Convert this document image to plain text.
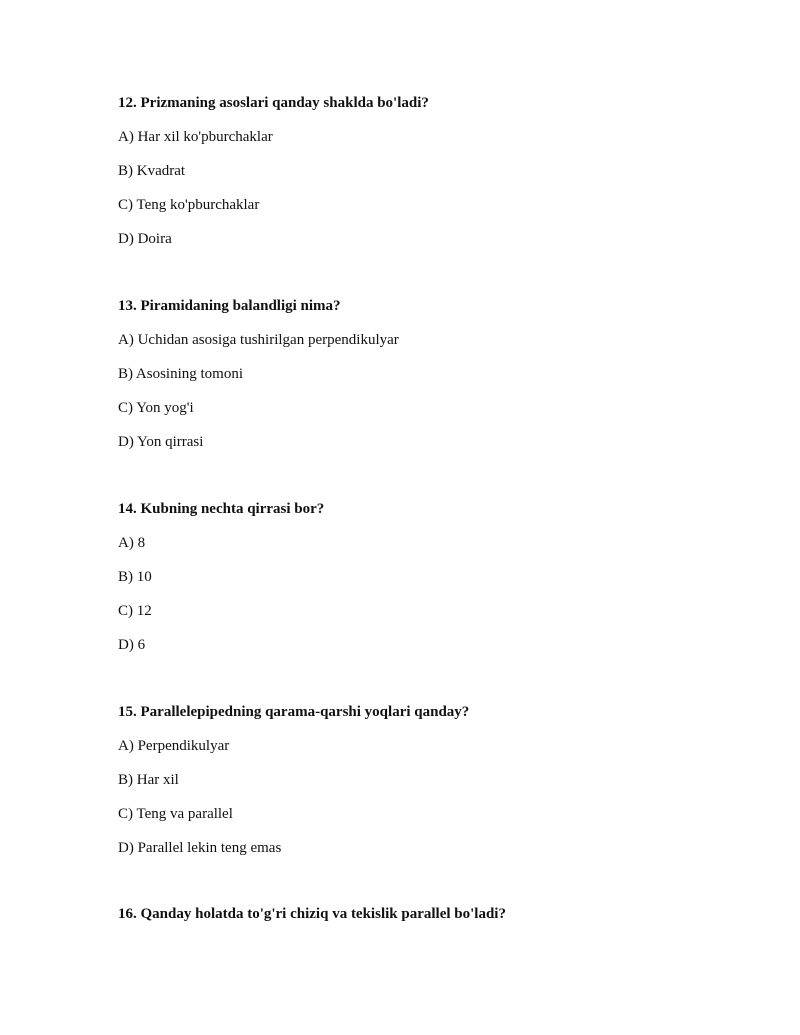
12. Prizmaning asoslari qanday shaklda bo'ladi?

A) Har xil ko'pburchaklar

B) Kvadrat

C) Teng ko'pburchaklar

D) Doira

13. Piramidaning balandligi nima?

A) Uchidan asosiga tushirilgan perpendikulyar

B) Asosining tomoni

C) Yon yog'i

D) Yon qirrasi

14. Kubning nechta qirrasi bor?

A) 8

B) 10

C) 12

D) 6

15. Parallelepipedning qarama-qarshi yoqlari qanday?

A) Perpendikulyar

B) Har xil

C) Teng va parallel

D) Parallel lekin teng emas

16. Qanday holatda to'g'ri chiziq va tekislik parallel bo'ladi?
